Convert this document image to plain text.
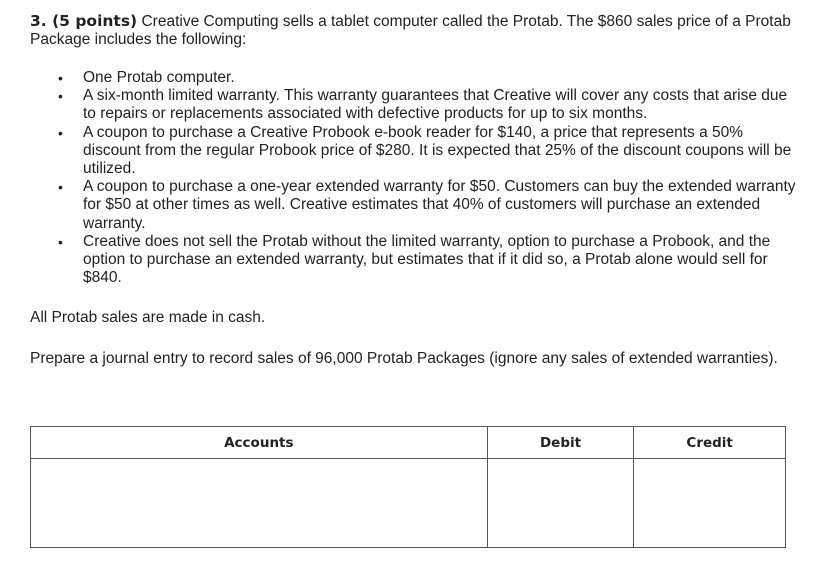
3. (5 points) Creative Computing sells a tablet computer called the Protab. The $860 sales price of a Protab Package includes the following:

• One Protab computer.
• A six-month limited warranty. This warranty guarantees that Creative will cover any costs that arise due to repairs or replacements associated with defective products for up to six months.
• A coupon to purchase a Creative Probook e-book reader for $140, a price that represents a 50% discount from the regular Probook price of $280. It is expected that 25% of the discount coupons will be utilized.
• A coupon to purchase a one-year extended warranty for $50. Customers can buy the extended warranty for $50 at other times as well. Creative estimates that 40% of customers will purchase an extended warranty.
• Creative does not sell the Protab without the limited warranty, option to purchase a Probook, and the option to purchase an extended warranty, but estimates that if it did so, a Protab alone would sell for $840.

All Protab sales are made in cash.

Prepare a journal entry to record sales of 96,000 Protab Packages (ignore any sales of extended warranties).

Accounts	Debit	Credit
